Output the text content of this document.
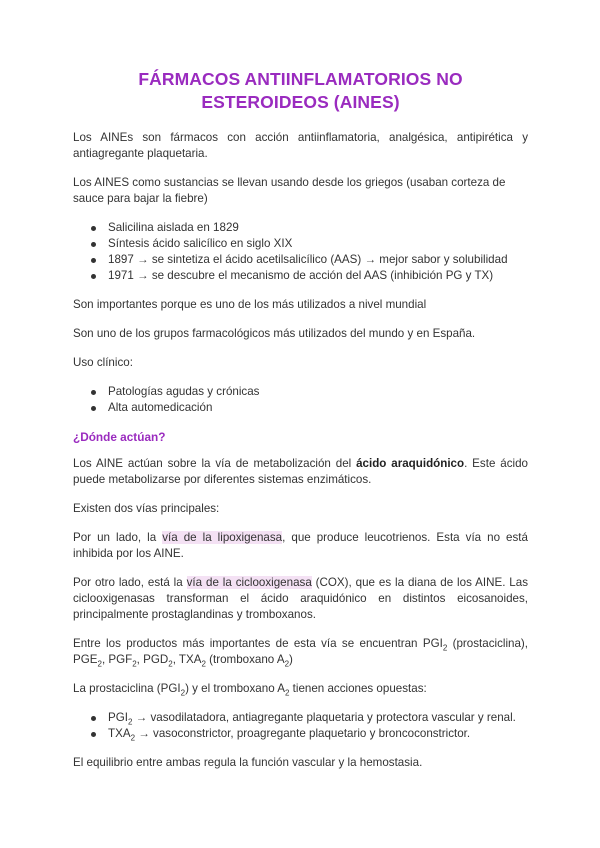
FÁRMACOS ANTIINFLAMATORIOS NO ESTEROIDEOS (AINES)

Los AINEs son fármacos con acción antiinflamatoria, analgésica, antipirética y antiagregante plaquetaria.

Los AINES como sustancias se llevan usando desde los griegos (usaban corteza de sauce para bajar la fiebre)

Salicilina aislada en 1829
Síntesis ácido salicílico en siglo XIX
1897 → se sintetiza el ácido acetilsalicílico (AAS) → mejor sabor y solubilidad
1971 → se descubre el mecanismo de acción del AAS (inhibición PG y TX)

Son importantes porque es uno de los más utilizados a nivel mundial

Son uno de los grupos farmacológicos más utilizados del mundo y en España.

Uso clínico:

Patologías agudas y crónicas
Alta automedicación
¿Dónde actúan?

Los AINE actúan sobre la vía de metabolización del ácido araquidónico. Este ácido puede metabolizarse por diferentes sistemas enzimáticos.

Existen dos vías principales:

Por un lado, la vía de la lipoxigenasa, que produce leucotrienos. Esta vía no está inhibida por los AINE.

Por otro lado, está la vía de la ciclooxigenasa (COX), que es la diana de los AINE. Las ciclooxigenasas transforman el ácido araquidónico en distintos eicosanoides, principalmente prostaglandinas y tromboxanos.

Entre los productos más importantes de esta vía se encuentran $PGI_2$ (prostaciclina), $PGE_2$, $PGF_2$, $PGD_2$, $TXA_2$ (tromboxano $A_2$)

La prostaciclina $(PGI_2)$ y el tromboxano $A_2$ tienen acciones opuestas:

$PGI_2$ → vasodilatadora, antiagregante plaquetaria y protectora vascular y renal.
$TXA_2$ → vasoconstrictor, proagregante plaquetario y broncoconstrictor.

El equilibrio entre ambas regula la función vascular y la hemostasia.
